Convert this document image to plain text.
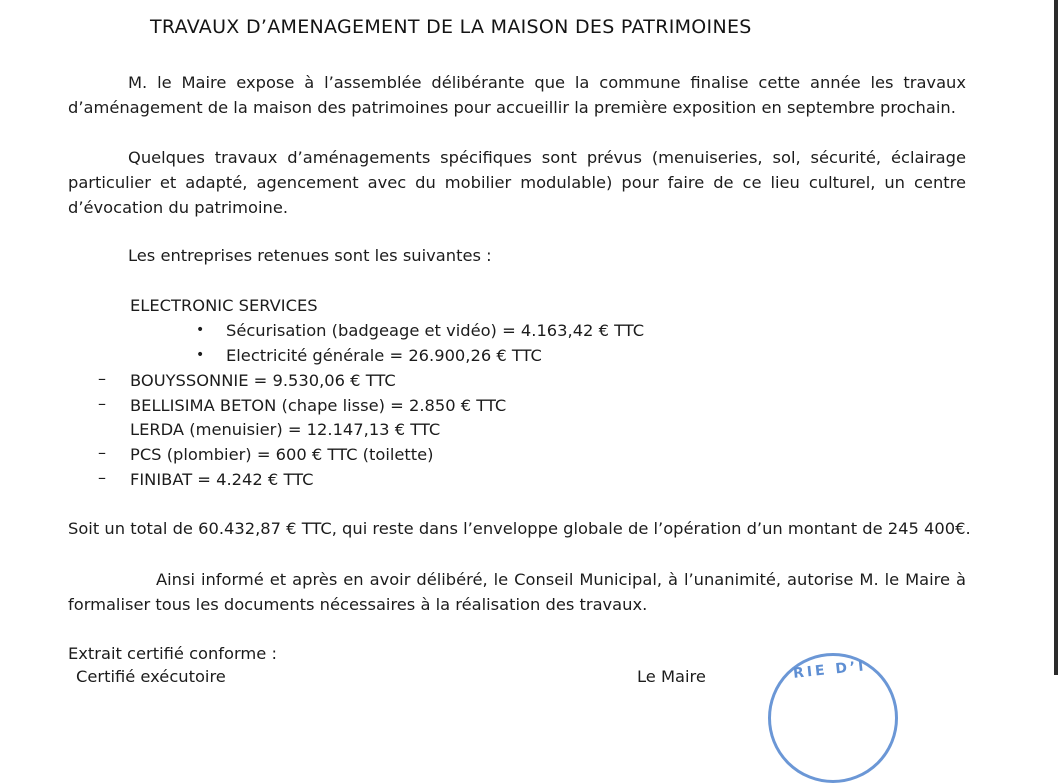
TRAVAUX D’AMENAGEMENT DE LA MAISON DES PATRIMOINES
M. le Maire expose à l’assemblée délibérante que la commune finalise cette année les travaux d’aménagement de la maison des patrimoines pour accueillir la première exposition en septembre prochain.
Quelques travaux d’aménagements spécifiques sont prévus (menuiseries, sol, sécurité, éclairage particulier et adapté, agencement avec du mobilier modulable) pour faire de ce lieu culturel, un centre d’évocation du patrimoine.
Les entreprises retenues sont les suivantes :
ELECTRONIC SERVICES
• Sécurisation (badgeage et vidéo) = 4.163,42 € TTC
• Electricité générale = 26.900,26 € TTC
– BOUYSSONNIE = 9.530,06 € TTC
– BELLISIMA BETON (chape lisse) = 2.850 € TTC
LERDA (menuisier) = 12.147,13 € TTC
– PCS (plombier) = 600 € TTC (toilette)
– FINIBAT = 4.242 € TTC
Soit un total de 60.432,87 € TTC, qui reste dans l’enveloppe globale de l’opération d’un montant de 245 400€.
Ainsi informé et après en avoir délibéré, le Conseil Municipal, à l’unanimité, autorise M. le Maire à formaliser tous les documents nécessaires à la réalisation des travaux.
Extrait certifié conforme :
Certifié exécutoire	Le Maire	RIE D’I
